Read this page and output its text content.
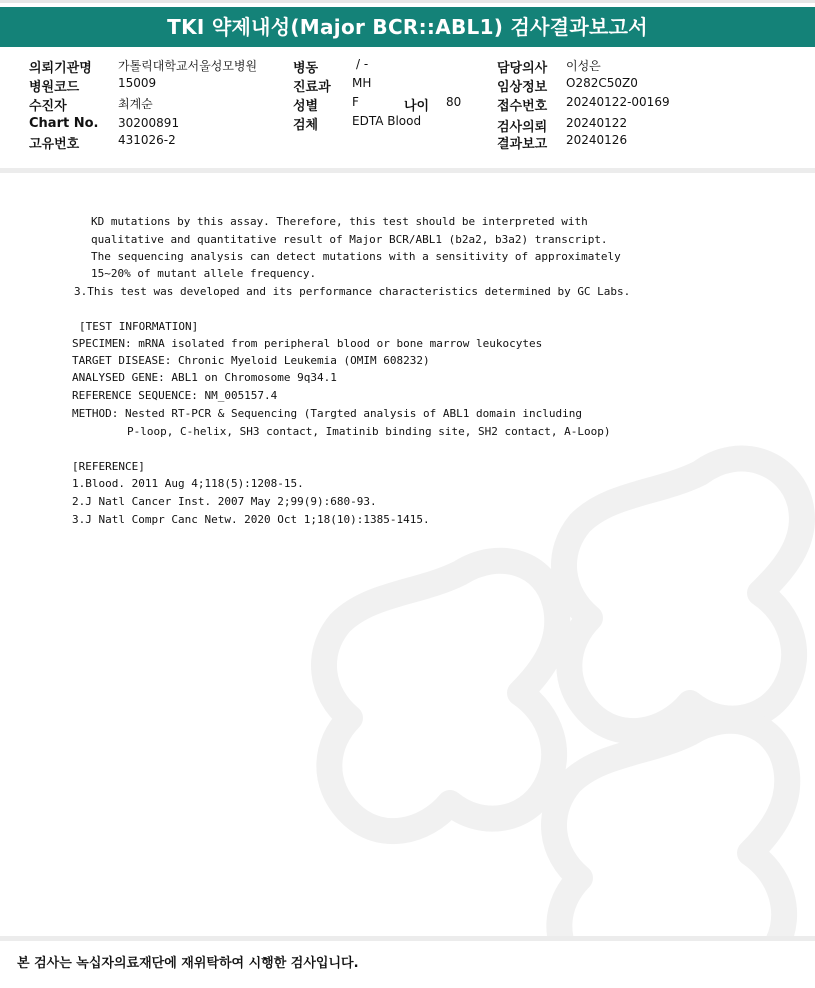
TKI 약제내성(Major BCR::ABL1) 검사결과보고서
의뢰기관명 가톨릭대학교서울성모병원
병원코드	15009
수진자	최계순
Chart No. 30200891
고유번호	431026-2
병동	/ -
진료과 MH
성별	F	나이 80
검체	EDTA Blood
담당의사 이성은
임상정보 O282C50Z0
접수번호 20240122-00169
검사의뢰 20240122
결과보고 20240126
KD mutations by this assay. Therefore, this test should be interpreted with
qualitative and quantitative result of Major BCR/ABL1 (b2a2, b3a2) transcript.
The sequencing analysis can detect mutations with a sensitivity of approximately
15~20% of mutant allele frequency.
3.This test was developed and its performance characteristics determined by GC Labs.
[TEST INFORMATION]
SPECIMEN: mRNA isolated from peripheral blood or bone marrow leukocytes
TARGET DISEASE: Chronic Myeloid Leukemia (OMIM 608232)
ANALYSED GENE: ABL1 on Chromosome 9q34.1
REFERENCE SEQUENCE: NM_005157.4
METHOD: Nested RT-PCR & Sequencing (Targted analysis of ABL1 domain including
P-loop, C-helix, SH3 contact, Imatinib binding site, SH2 contact, A-Loop)
[REFERENCE]
1.Blood. 2011 Aug 4;118(5):1208-15.
2.J Natl Cancer Inst. 2007 May 2;99(9):680-93.
3.J Natl Compr Canc Netw. 2020 Oct 1;18(10):1385-1415.
본 검사는 녹십자의료재단에 재위탁하여 시행한 검사입니다.
